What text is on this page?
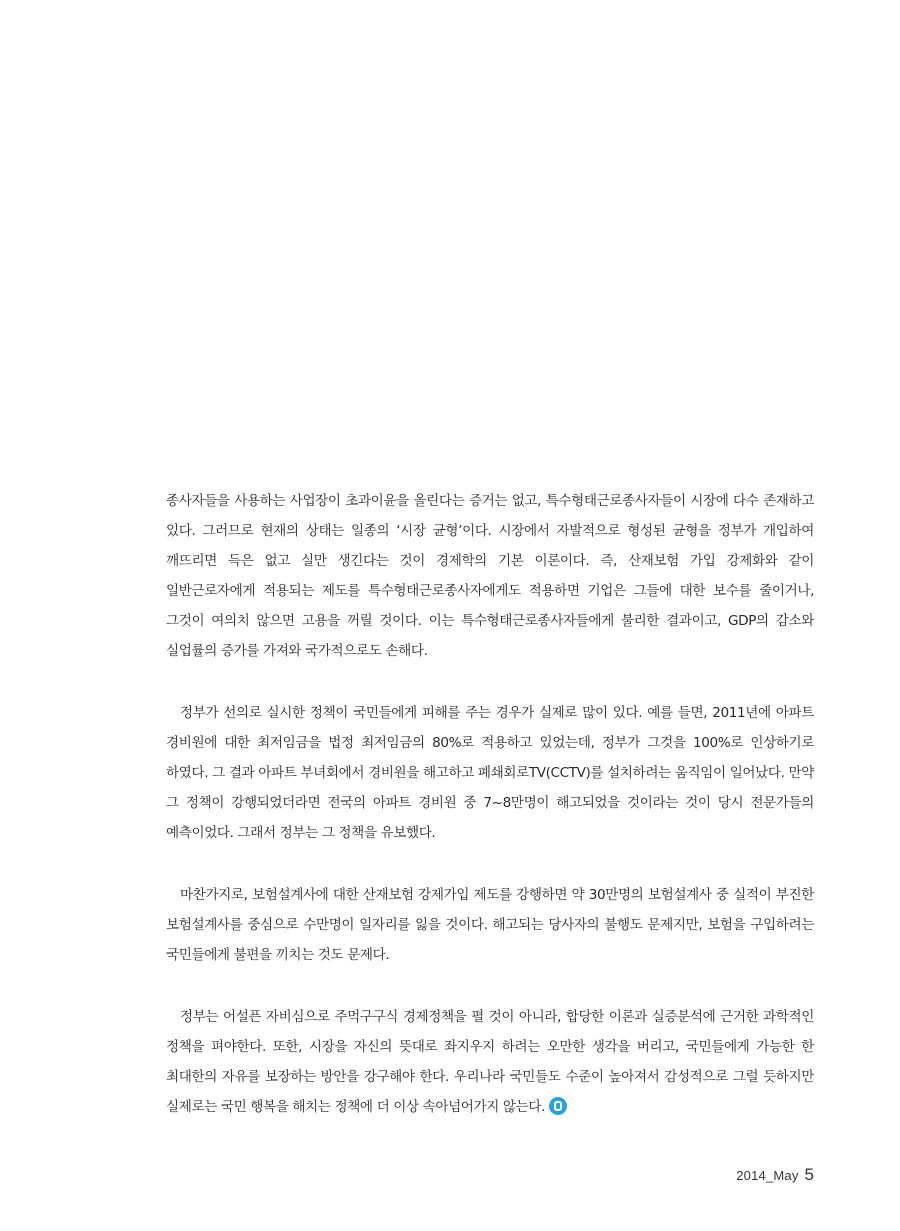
종사자들을 사용하는 사업장이 초과이윤을 올린다는 증거는 없고, 특수형태근로종사자들이 시장에 다수 존재하고 있다. 그러므로 현재의 상태는 일종의 ‘시장 균형’이다. 시장에서 자발적으로 형성된 균형을 정부가 개입하여 깨뜨리면 득은 없고 실만 생긴다는 것이 경제학의 기본 이론이다. 즉, 산재보험 가입 강제화와 같이 일반근로자에게 적용되는 제도를 특수형태근로종사자에게도 적용하면 기업은 그들에 대한 보수를 줄이거나, 그것이 여의치 않으면 고용을 꺼릴 것이다. 이는 특수형태근로종사자들에게 불리한 결과이고, GDP의 감소와 실업률의 증가를 가져와 국가적으로도 손해다.

정부가 선의로 실시한 정책이 국민들에게 피해를 주는 경우가 실제로 많이 있다. 예를 들면, 2011년에 아파트 경비원에 대한 최저임금을 법정 최저임금의 80%로 적용하고 있었는데, 정부가 그것을 100%로 인상하기로 하였다. 그 결과 아파트 부녀회에서 경비원을 해고하고 폐쇄회로TV(CCTV)를 설치하려는 움직임이 일어났다. 만약 그 정책이 강행되었더라면 전국의 아파트 경비원 중 7~8만명이 해고되었을 것이라는 것이 당시 전문가들의 예측이었다. 그래서 정부는 그 정책을 유보했다.

마찬가지로, 보험설계사에 대한 산재보험 강제가입 제도를 강행하면 약 30만명의 보험설계사 중 실적이 부진한 보험설계사를 중심으로 수만명이 일자리를 잃을 것이다. 해고되는 당사자의 불행도 문제지만, 보험을 구입하려는 국민들에게 불편을 끼치는 것도 문제다.

정부는 어설픈 자비심으로 주먹구구식 경제정책을 펼 것이 아니라, 합당한 이론과 실증분석에 근거한 과학적인 정책을 펴야한다. 또한, 시장을 자신의 뜻대로 좌지우지 하려는 오만한 생각을 버리고, 국민들에게 가능한 한 최대한의 자유를 보장하는 방안을 강구해야 한다. 우리나라 국민들도 수준이 높아져서 감성적으로 그럴 듯하지만 실제로는 국민 행복을 해치는 정책에 더 이상 속아넘어가지 않는다.

2014_May 5
